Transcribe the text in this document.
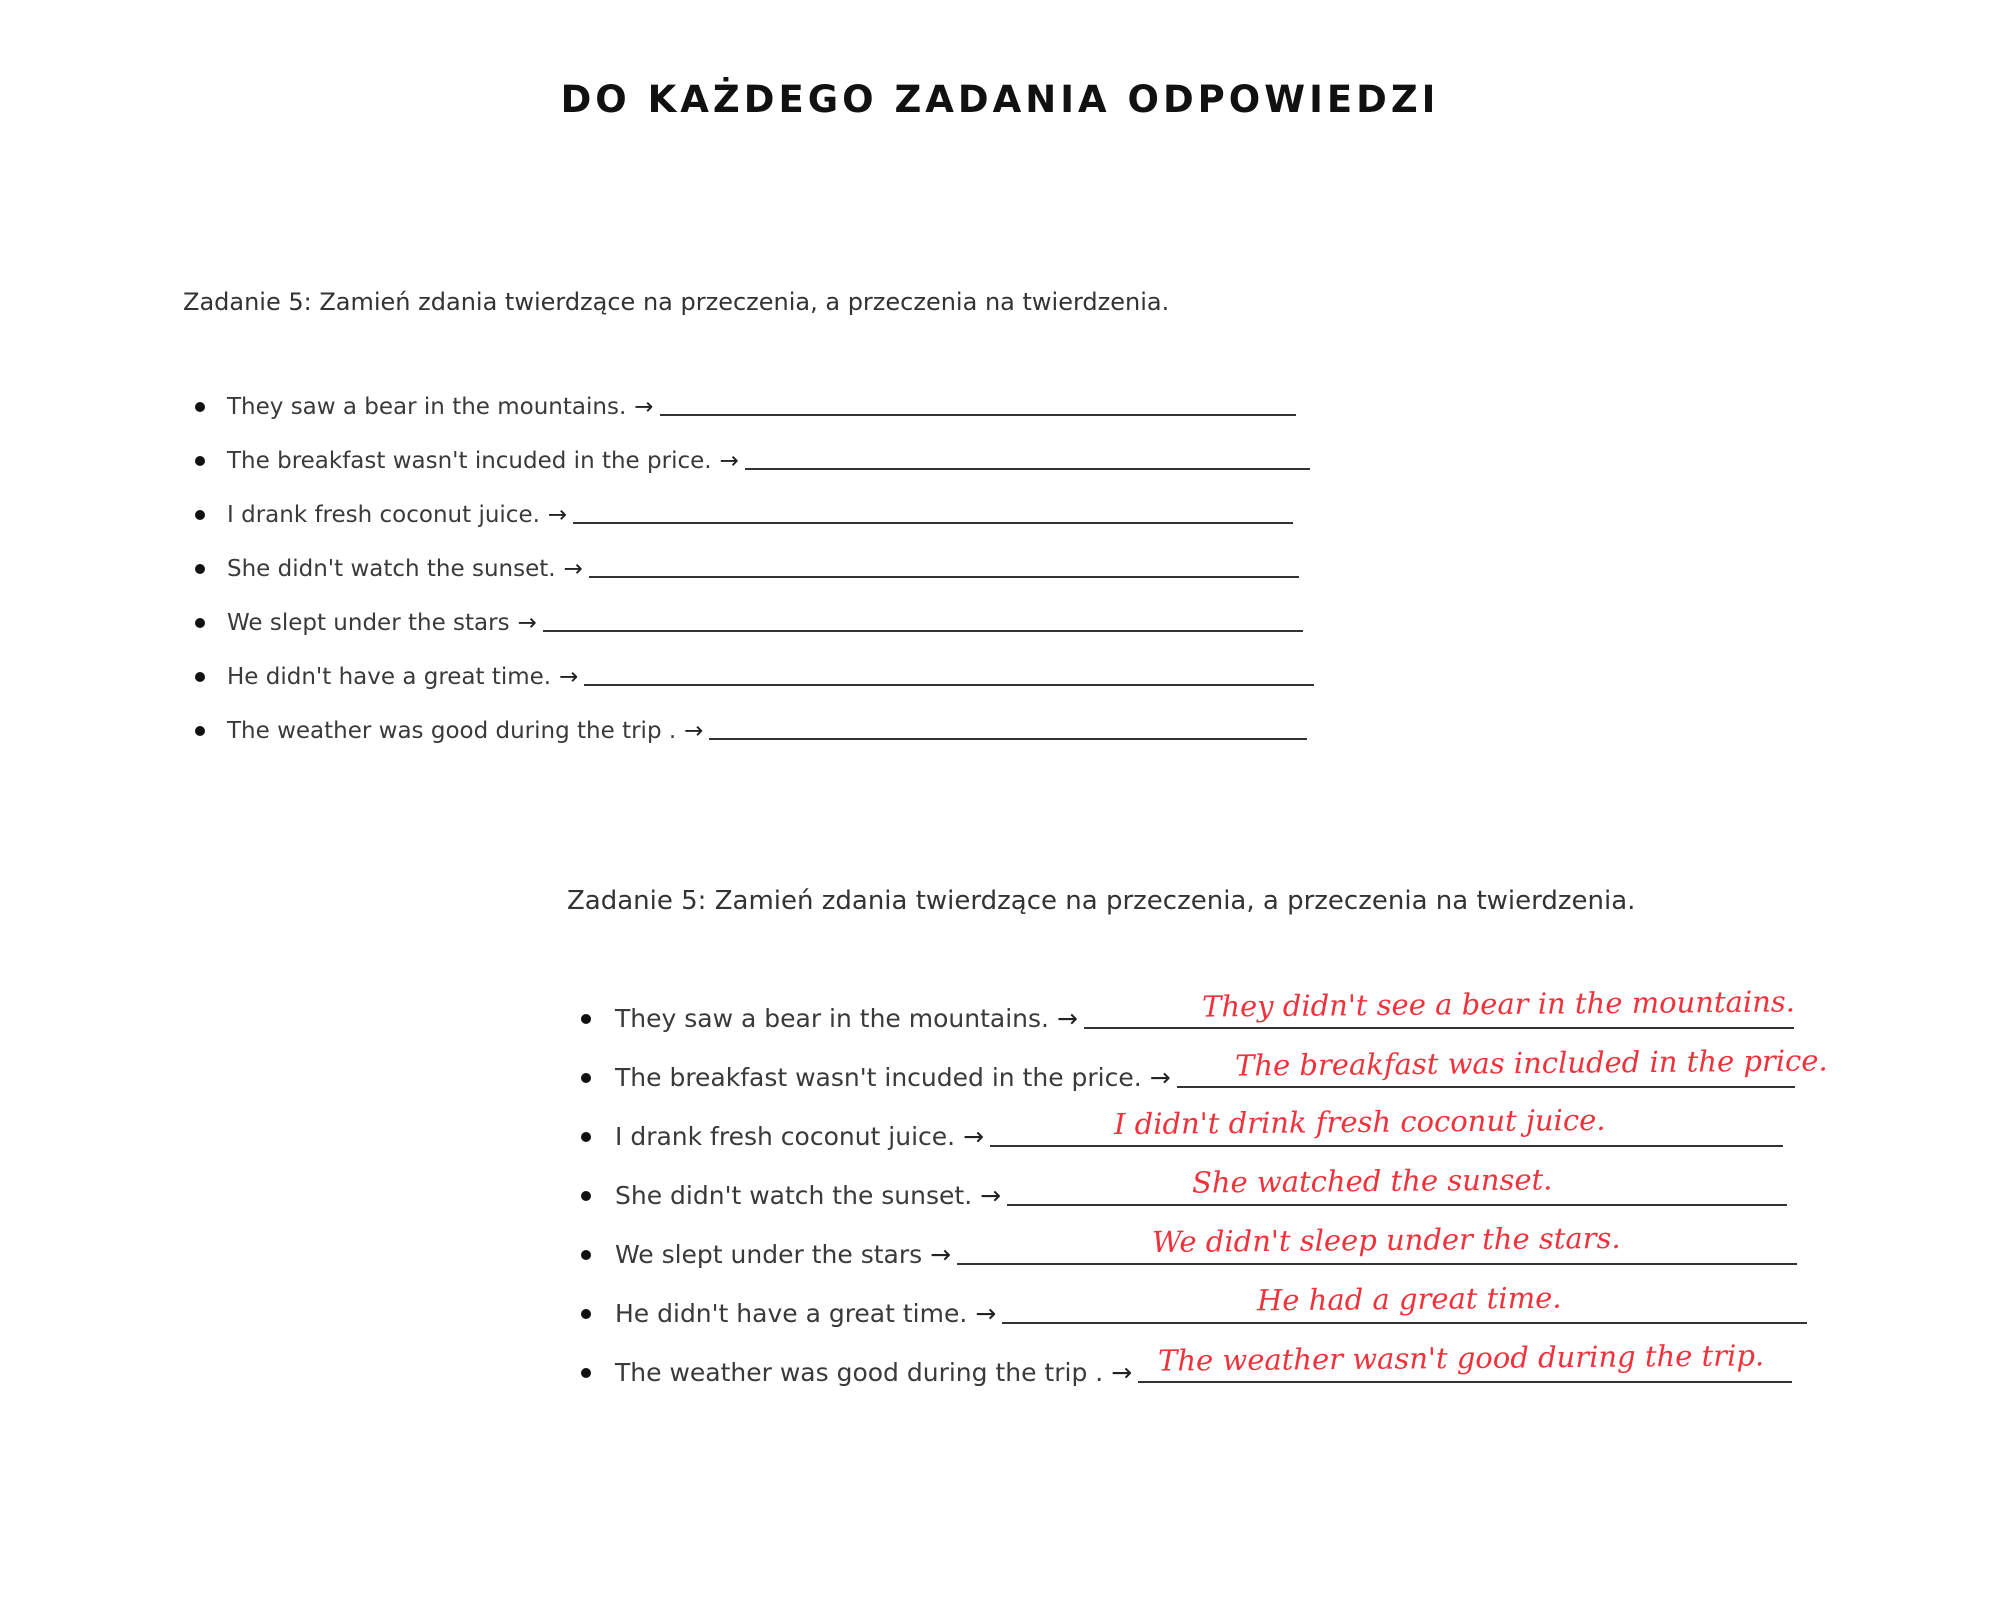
DO KAŻDEGO ZADANIA ODPOWIEDZI

Zadanie 5: Zamień zdania twierdzące na przeczenia, a przeczenia na twierdzenia.

They saw a bear in the mountains. →
The breakfast wasn't incuded in the price. →
I drank fresh coconut juice. →
She didn't watch the sunset. →
We slept under the stars →
He didn't have a great time. →
The weather was good during the trip . →

Zadanie 5: Zamień zdania twierdzące na przeczenia, a przeczenia na twierdzenia.

They saw a bear in the mountains. →	They didn't see a bear in the mountains.
The breakfast wasn't incuded in the price. → The breakfast was included in the price.
I drank fresh coconut juice. →	I didn't drink fresh coconut juice.
She didn't watch the sunset. →	She watched the sunset.
We slept under the stars →	We didn't sleep under the stars.
He didn't have a great time. →	He had a great time.
The weather was good during the trip . → The weather wasn't good during the trip.
